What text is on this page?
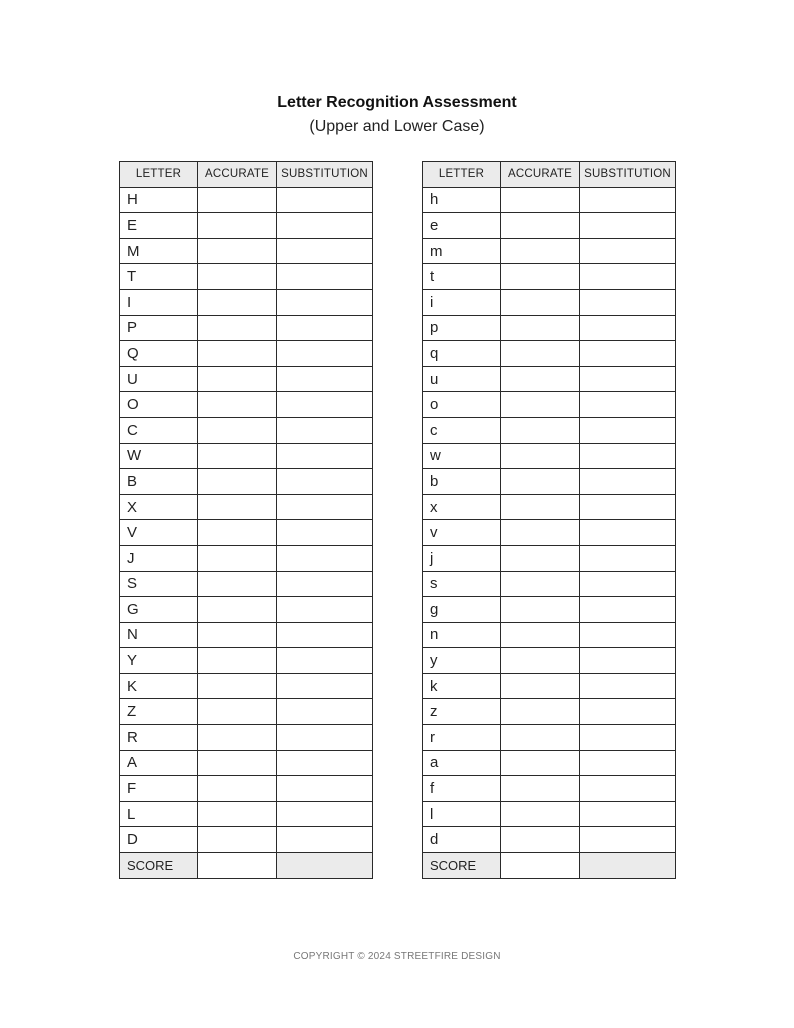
Letter Recognition Assessment
(Upper and Lower Case)
LETTER	ACCURATE	SUBSTITUTION
H		
E		
M		
T		
I		
P		
Q		
U		
O		
C		
W		
B		
X		
V		
J		
S		
G		
N		
Y		
K		
Z		
R		
A		
F		
L		
D		
SCORE		
LETTER	ACCURATE	SUBSTITUTION
h		
e		
m		
t		
i		
p		
q		
u		
o		
c		
w		
b		
x		
v		
j		
s		
g		
n		
y		
k		
z		
r		
a		
f		
l		
d		
SCORE		
COPYRIGHT © 2024 STREETFIRE DESIGN
